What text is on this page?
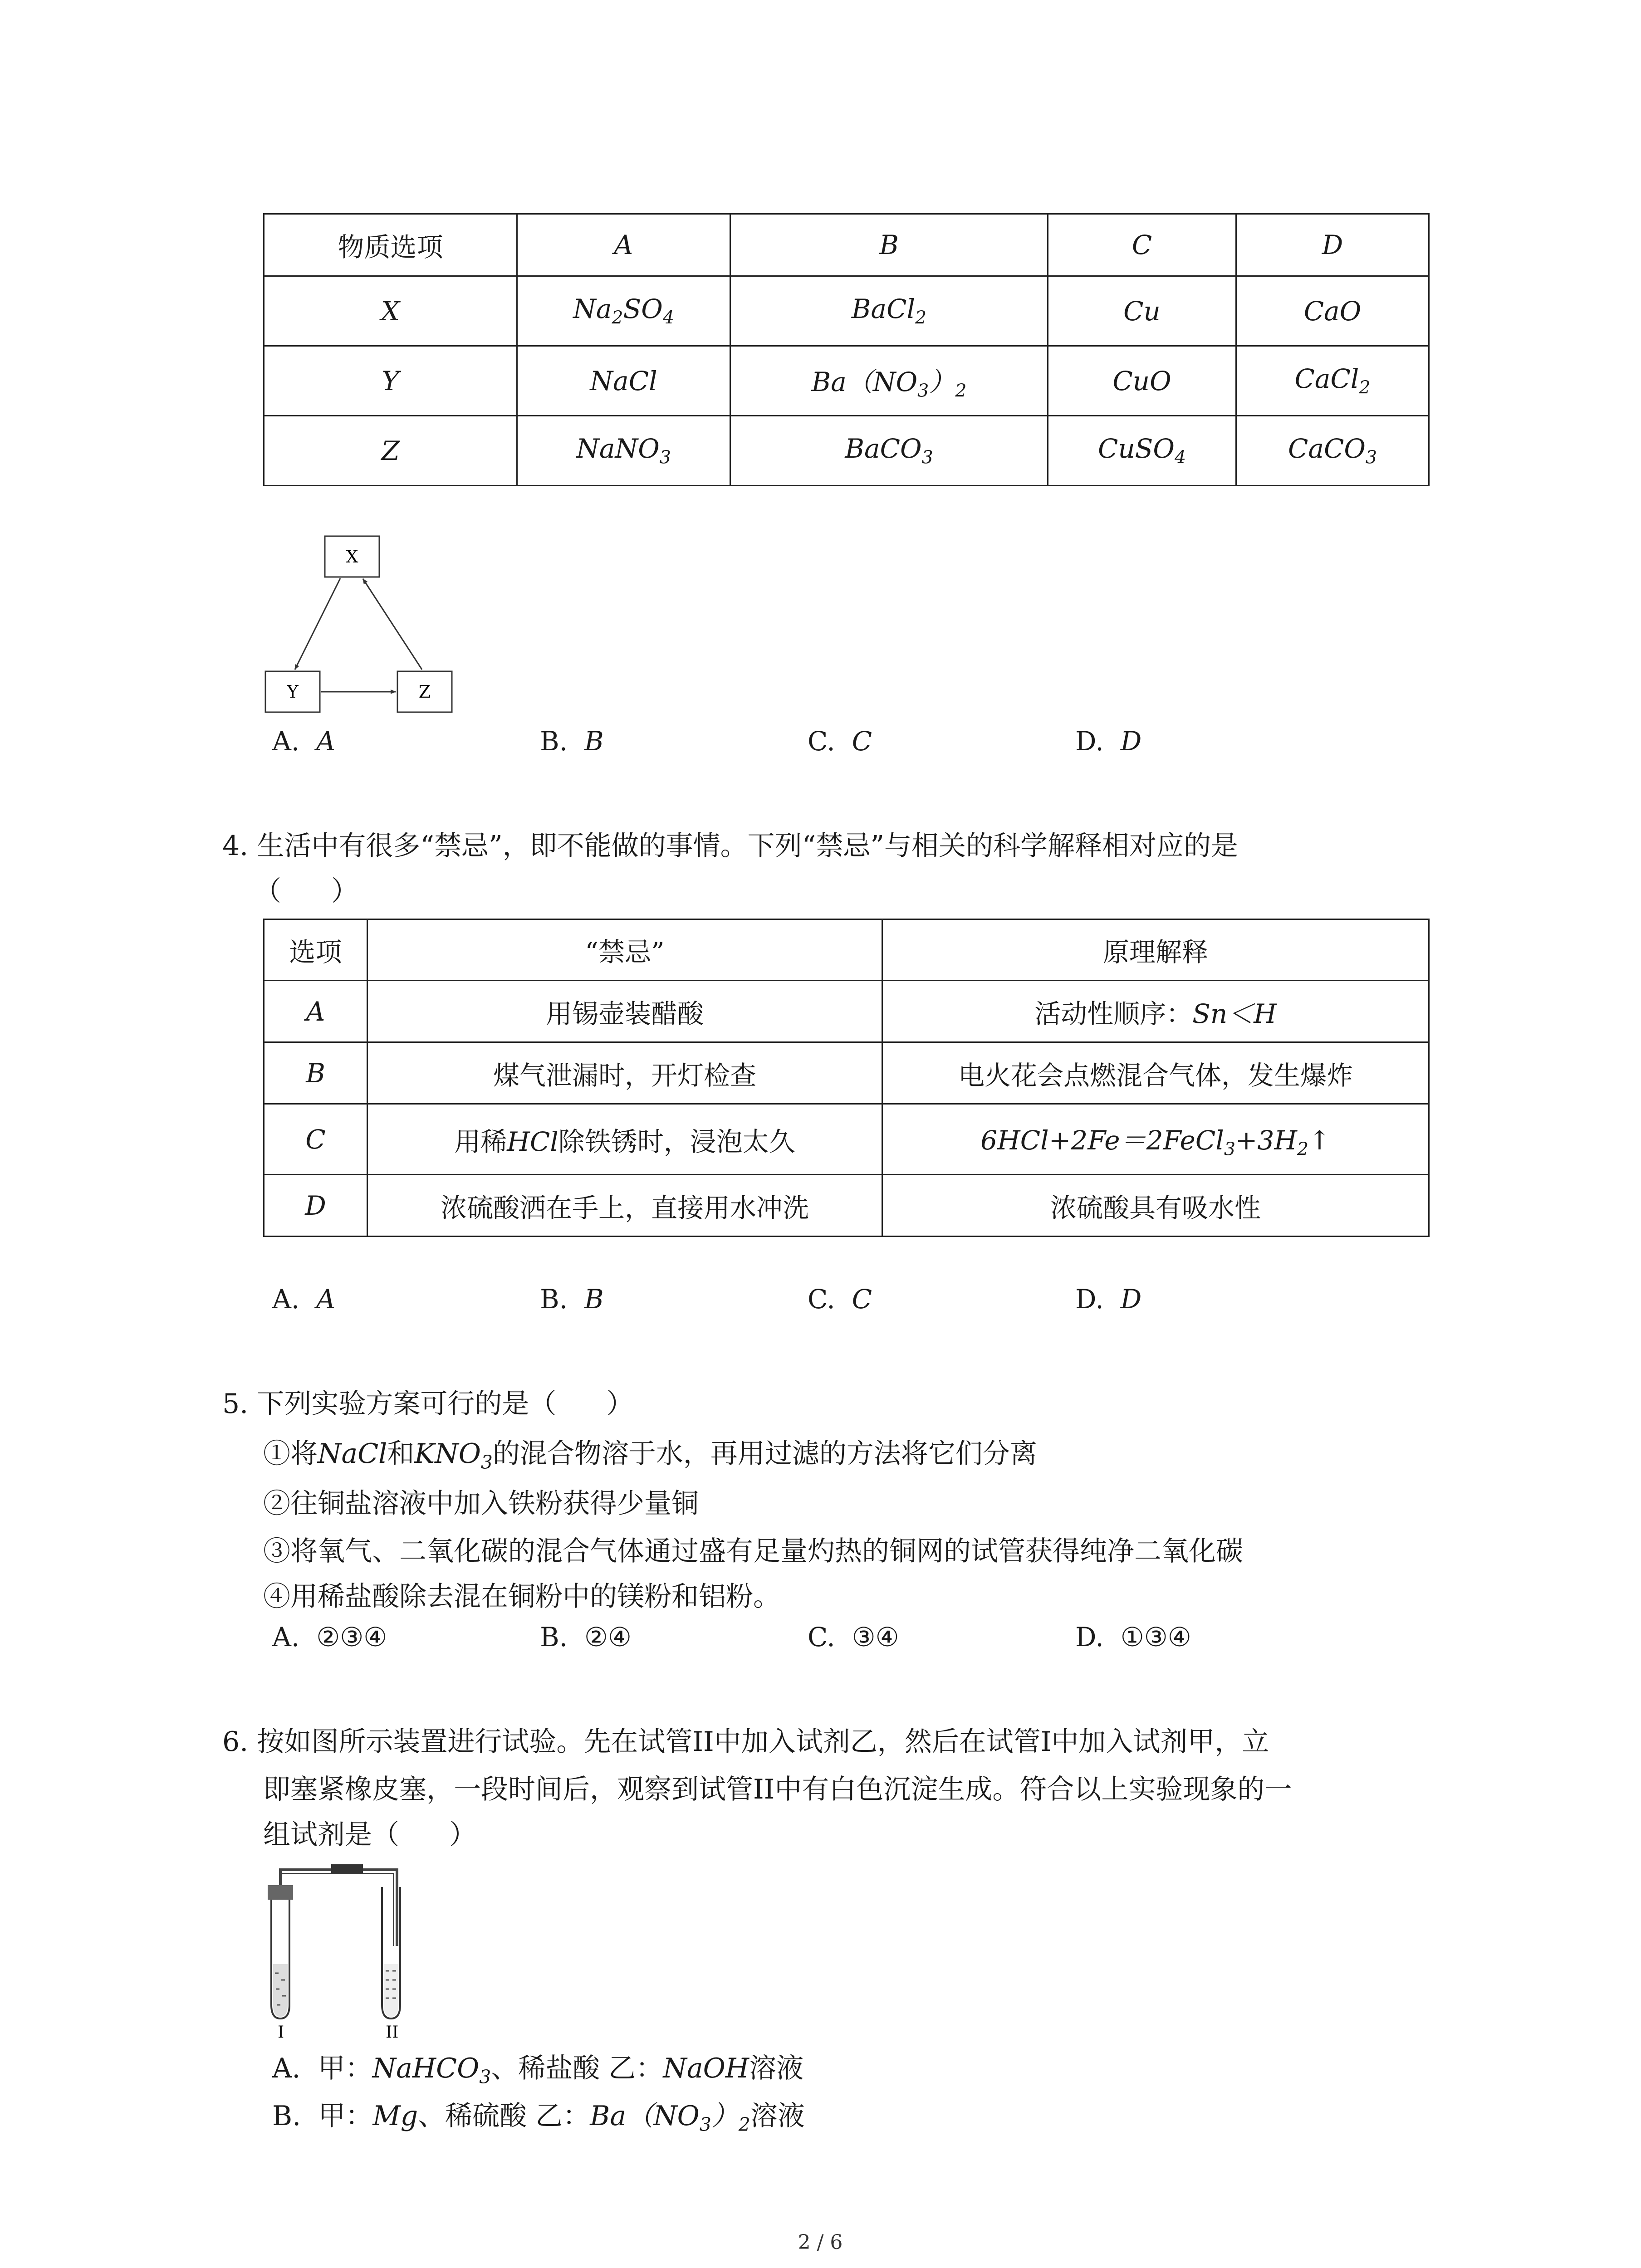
物质选项	A	B	C	D
X	$Na_2SO_4$	BaCl$_2$	Cu	CaO
Y	NaCl	$Ba(NO_3)_2$	CuO	CaCl$_2$
Z	NaNO$_3$	BaCO$_3$	CuSO$_4$	CaCO$_3$
X
Y	Z
A. A	B. B	C. C	D. D
4. 生活中有很多“禁忌”，即不能做的事情。下列“禁忌”与相关的科学解释相对应的是
（ ）
选项	“禁忌”	原理解释
A	用锡壶装醋酸	活动性顺序：Sn＜H
B	煤气泄漏时，开灯检查	电火花会点燃混合气体，发生爆炸
C	用稀HCl除铁锈时，浸泡太久	$6HCl+2Fe=2FeCl_3+3H_2↑$
D	浓硫酸洒在手上，直接用水冲洗	浓硫酸具有吸水性
A. A	B. B	C. C	D. D
5. 下列实验方案可行的是（ ）
①将NaCl和$KNO_3$的混合物溶于水，再用过滤的方法将它们分离
②往铜盐溶液中加入铁粉获得少量铜
③将氧气、二氧化碳的混合气体通过盛有足量灼热的铜网的试管获得纯净二氧化碳
④用稀盐酸除去混在铜粉中的镁粉和铝粉。
A. ②③④	B. ②④	C. ③④	D. ①③④
6. 按如图所示装置进行试验。先在试管II中加入试剂乙，然后在试管I中加入试剂甲，立
即塞紧橡皮塞，一段时间后，观察到试管II中有白色沉淀生成。符合以上实验现象的一
组试剂是（ ）
I	II
A. 甲：NaHCO$_3$、稀盐酸 乙：NaOH溶液
B. 甲：Mg、稀硫酸 乙：$Ba(NO_3)_2$溶液
2 / 6
